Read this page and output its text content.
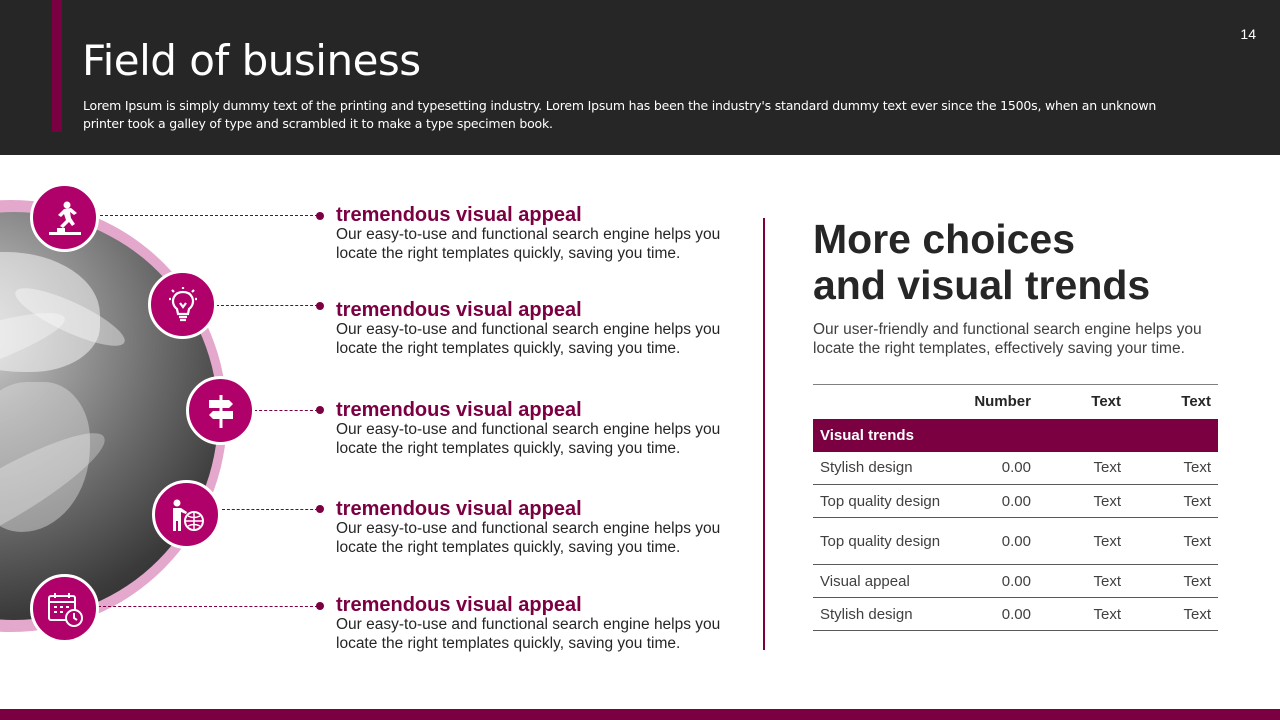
Field of business

Lorem Ipsum is simply dummy text of the printing and typesetting industry. Lorem Ipsum has been the industry's standard dummy text ever since the 1500s, when an unknown printer took a galley of type and scrambled it to make a type specimen book.

14
tremendous visual appeal
Our easy-to-use and functional search engine helps you locate the right templates quickly, saving you time.
tremendous visual appeal
Our easy-to-use and functional search engine helps you locate the right templates quickly, saving you time.
tremendous visual appeal
Our easy-to-use and functional search engine helps you locate the right templates quickly, saving you time.
tremendous visual appeal
Our easy-to-use and functional search engine helps you locate the right templates quickly, saving you time.
tremendous visual appeal
Our easy-to-use and functional search engine helps you locate the right templates quickly, saving you time.
More choices
and visual trends

Our user-friendly and functional search engine helps you locate the right templates, effectively saving your time.

	Number	Text	Text
Visual trends			
Stylish design	0.00	Text	Text
Top quality design	0.00	Text	Text
Top quality design	0.00	Text	Text
Visual appeal	0.00	Text	Text
Stylish design	0.00	Text	Text
